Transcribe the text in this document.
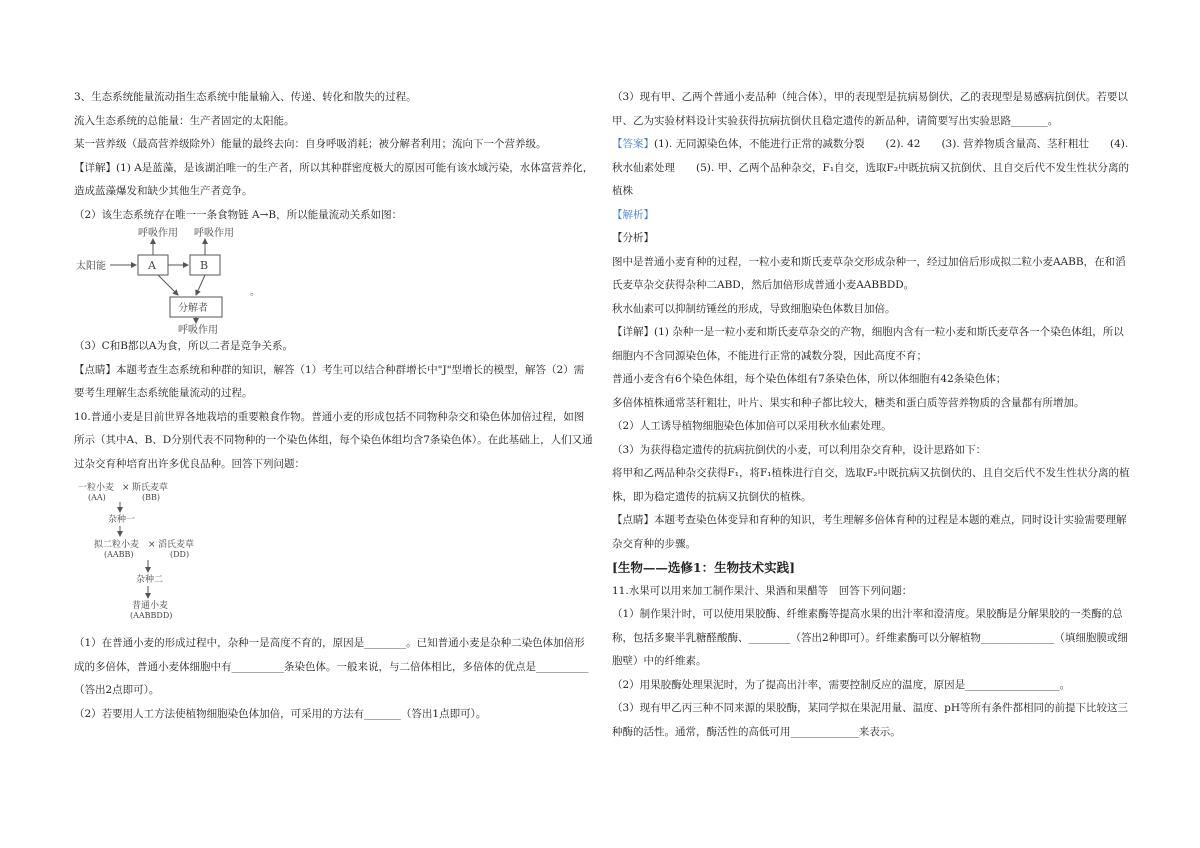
3、生态系统能量流动指生态系统中能量输入、传递、转化和散失的过程。

流入生态系统的总能量：生产者固定的太阳能。

某一营养级（最高营养级除外）能量的最终去向：自身呼吸消耗；被分解者利用；流向下一个营养级。

【详解】(1) A是蓝藻，是该湖泊唯一的生产者，所以其种群密度极大的原因可能有该水域污染，水体富营养化，造成蓝藻爆发和缺少其他生产者竞争。

（2）该生态系统存在唯一一条食物链 A→B，所以能量流动关系如图：

太阳能	A	B
呼吸作用 呼吸作用
分解者
呼吸作用
。

（3）C和B都以A为食，所以二者是竞争关系。

【点睛】本题考查生态系统和种群的知识，解答（1）考生可以结合种群增长中"J"型增长的模型，解答（2）需要考生理解生态系统能量流动的过程。

10.普通小麦是目前世界各地栽培的重要粮食作物。普通小麦的形成包括不同物种杂交和染色体加倍过程，如图所示（其中A、B、D分别代表不同物种的一个染色体组，每个染色体组均含7条染色体）。在此基础上，人们又通过杂交育种培育出许多优良品种。回答下列问题：

一粒小麦
(AA)
× 斯氏麦草
(BB)
杂种一
拟二粒小麦
(AABB)
× 滔氏麦草
(DD)
杂种二
普通小麦
(AABBDD)

（1）在普通小麦的形成过程中，杂种一是高度不育的，原因是________。已知普通小麦是杂种二染色体加倍形成的多倍体，普通小麦体细胞中有__________条染色体。一般来说，与二倍体相比，多倍体的优点是__________（答出2点即可）。

（2）若要用人工方法使植物细胞染色体加倍，可采用的方法有_______（答出1点即可）。

（3）现有甲、乙两个普通小麦品种（纯合体），甲的表现型是抗病易倒伏，乙的表现型是易感病抗倒伏。若要以甲、乙为实验材料设计实验获得抗病抗倒伏且稳定遗传的新品种，请简要写出实验思路_______。

【答案】(1). 无同源染色体，不能进行正常的减数分裂　　(2). 42　　(3). 营养物质含量高、茎秆粗壮　　(4). 秋水仙素处理　　(5). 甲、乙两个品种杂交，F₁自交，选取F₂中既抗病又抗倒伏、且自交后代不发生性状分离的植株

【解析】

【分析】

图中是普通小麦育种的过程，一粒小麦和斯氏麦草杂交形成杂种一，经过加倍后形成拟二粒小麦AABB，在和滔氏麦草杂交获得杂种二ABD，然后加倍形成普通小麦AABBDD。

秋水仙素可以抑制纺锤丝的形成，导致细胞染色体数目加倍。

【详解】(1) 杂种一是一粒小麦和斯氏麦草杂交的产物，细胞内含有一粒小麦和斯氏麦草各一个染色体组，所以细胞内不含同源染色体，不能进行正常的减数分裂，因此高度不育；

普通小麦含有6个染色体组，每个染色体组有7条染色体，所以体细胞有42条染色体；

多倍体植株通常茎秆粗壮，叶片、果实和种子都比较大，糖类和蛋白质等营养物质的含量都有所增加。

（2）人工诱导植物细胞染色体加倍可以采用秋水仙素处理。

（3）为获得稳定遗传的抗病抗倒伏的小麦，可以利用杂交育种，设计思路如下：

将甲和乙两品种杂交获得F₁，将F₁植株进行自交，选取F₂中既抗病又抗倒伏的、且自交后代不发生性状分离的植株，即为稳定遗传的抗病又抗倒伏的植株。

【点睛】本题考查染色体变异和育种的知识，考生理解多倍体育种的过程是本题的难点，同时设计实验需要理解杂交育种的步骤。

[生物——选修1：生物技术实践]

11.水果可以用来加工制作果汁、果酒和果醋等　回答下列问题：

（1）制作果汁时，可以使用果胶酶、纤维素酶等提高水果的出汁率和澄清度。果胶酶是分解果胶的一类酶的总称，包括多聚半乳糖醛酸酶、________（答出2种即可）。纤维素酶可以分解植物______________（填细胞膜或细胞壁）中的纤维素。

（2）用果胶酶处理果泥时，为了提高出汁率，需要控制反应的温度，原因是__________________。

（3）现有甲乙丙三种不同来源的果胶酶，某同学拟在果泥用量、温度、pH等所有条件都相同的前提下比较这三种酶的活性。通常，酶活性的高低可用_____________来表示。
